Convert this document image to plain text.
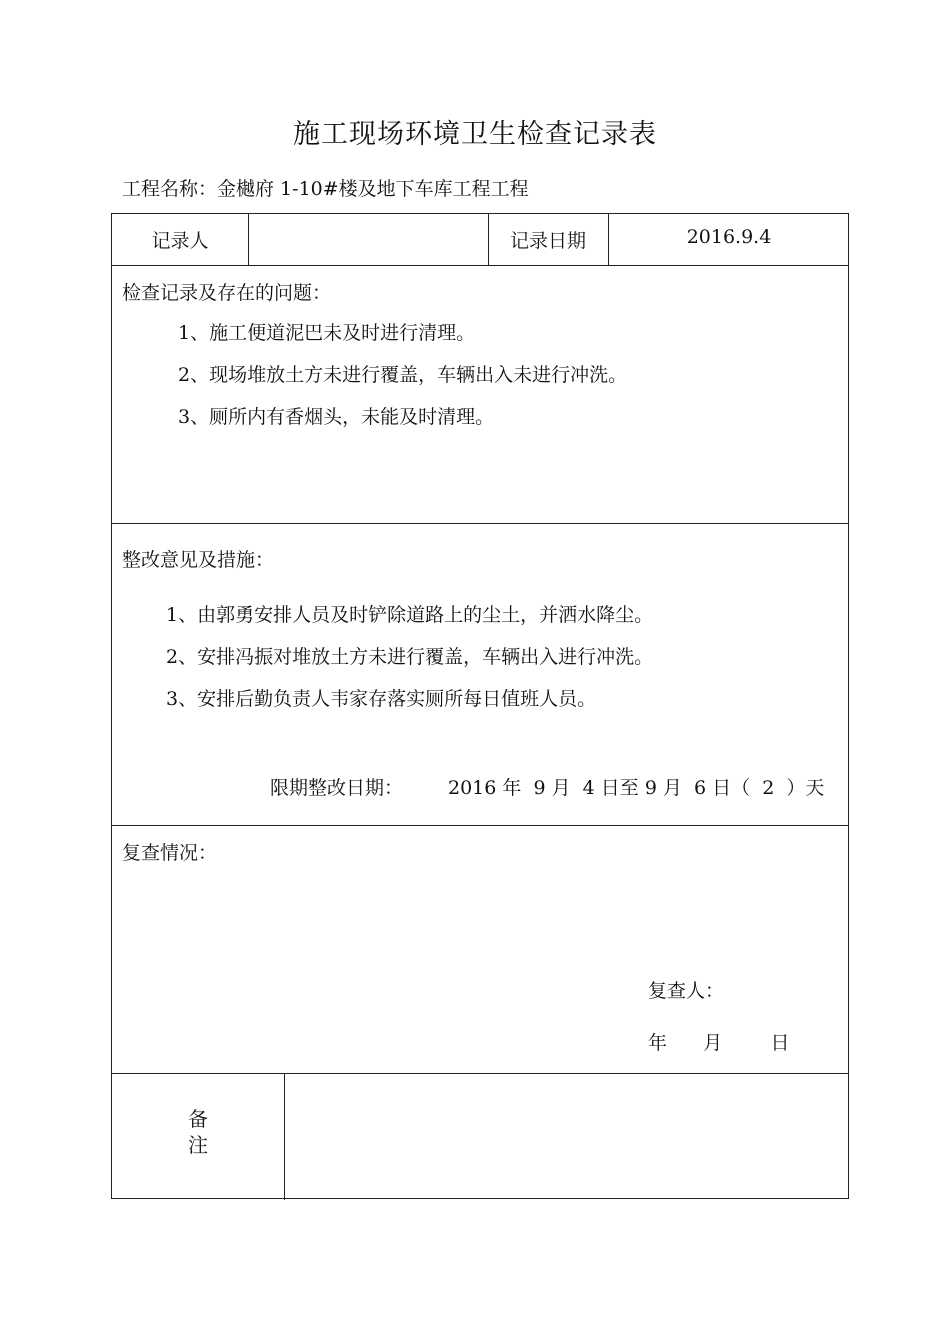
施工现场环境卫生检查记录表
工程名称：金樾府 1-10#楼及地下车库工程工程
记录人	记录日期	2016.9.4
检查记录及存在的问题：
1、施工便道泥巴未及时进行清理。
2、现场堆放土方未进行覆盖，车辆出入未进行冲洗。
3、厕所内有香烟头，未能及时清理。
整改意见及措施：
1、由郭勇安排人员及时铲除道路上的尘土，并洒水降尘。
2、安排冯振对堆放土方未进行覆盖，车辆出入进行冲洗。
3、安排后勤负责人韦家存落实厕所每日值班人员。
限期整改日期： 2016 年  9 月  4 日至 9 月  6 日（  2  ）天
复查情况：
复查人：
年      月        日
备
注
